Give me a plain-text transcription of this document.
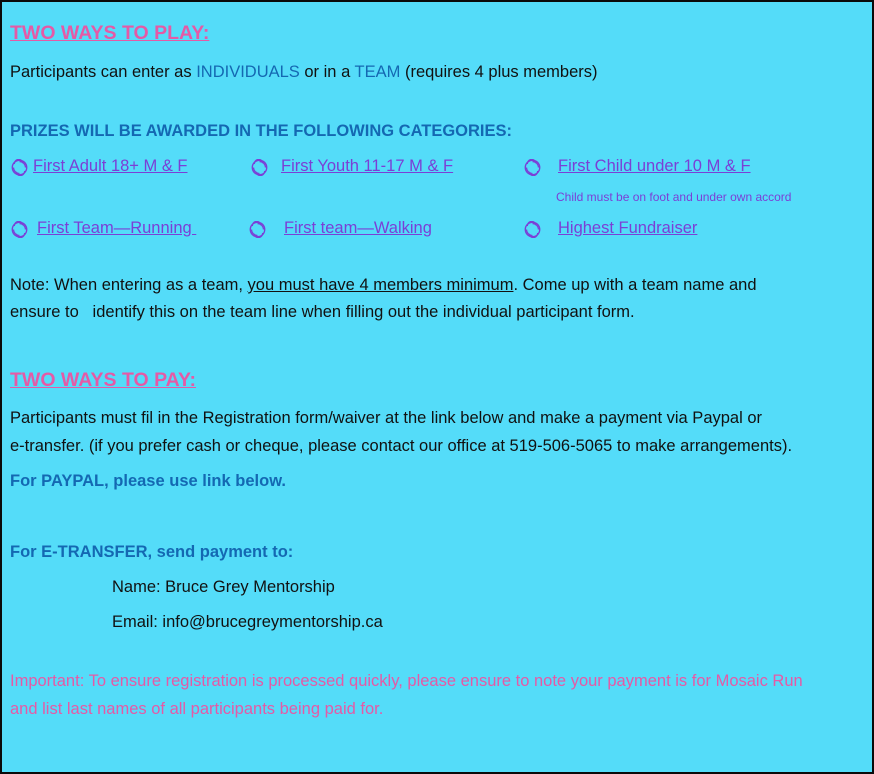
TWO WAYS TO PLAY:
Participants can enter as INDIVIDUALS or in a TEAM (requires 4 plus members)
PRIZES WILL BE AWARDED IN THE FOLLOWING CATEGORIES:
First Adult 18+ M & F	First Youth 11-17 M & F	First Child under 10 M & F
Child must be on foot and under own accord
First Team—Running	First team—Walking	Highest Fundraiser
Note: When entering as a team, you must have 4 members minimum. Come up with a team name and
ensure to   identify this on the team line when filling out the individual participant form.
TWO WAYS TO PAY:
Participants must fil in the Registration form/waiver at the link below and make a payment via Paypal or
e-transfer. (if you prefer cash or cheque, please contact our office at 519-506-5065 to make arrangements).
For PAYPAL, please use link below.
For E-TRANSFER, send payment to:
Name: Bruce Grey Mentorship
Email: info@brucegreymentorship.ca
Important: To ensure registration is processed quickly, please ensure to note your payment is for Mosaic Run
and list last names of all participants being paid for.
